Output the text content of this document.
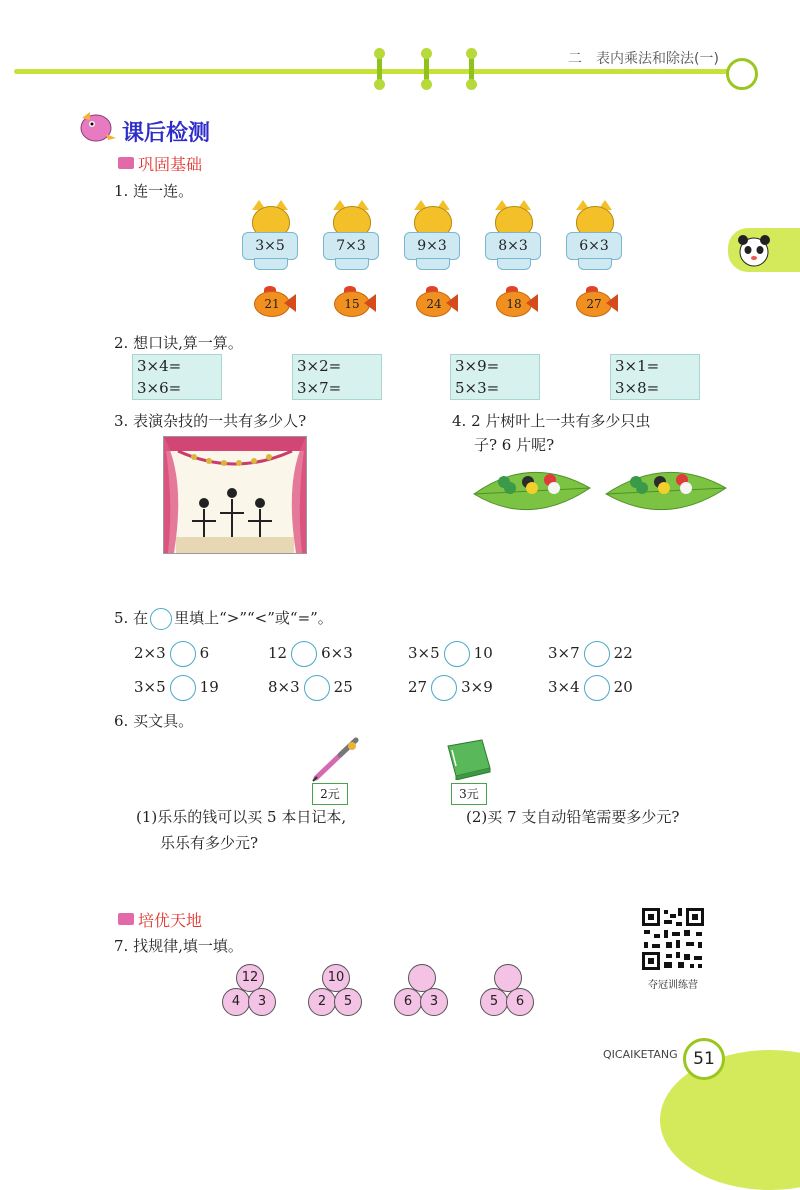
二　表内乘法和除法(一)
课后检测
巩固基础
1. 连一连。
3×5	7×3	9×3	8×3	6×3
21	15	24	18	27
2. 想口诀,算一算。
3×4=
3×6=
3×2=
3×7=
3×9=
5×3=
3×1=
3×8=
3. 表演杂技的一共有多少人?	4. 2 片树叶上一共有多少只虫
子? 6 片呢?
5. 在 里填上“>”“<”或“=”。
2×3 6	12 6×3	3×5 10	3×7 22
3×5 19	8×3 25	27 3×9	3×4 20
6. 买文具。
2元	3元
(1)乐乐的钱可以买 5 本日记本,
乐乐有多少元?
(2)买 7 支自动铅笔需要多少元?
培优天地
7. 找规律,填一填。
12
4	3
10
2	5	6	3	5	6
夺冠训练营
QICAIKETANG 51
